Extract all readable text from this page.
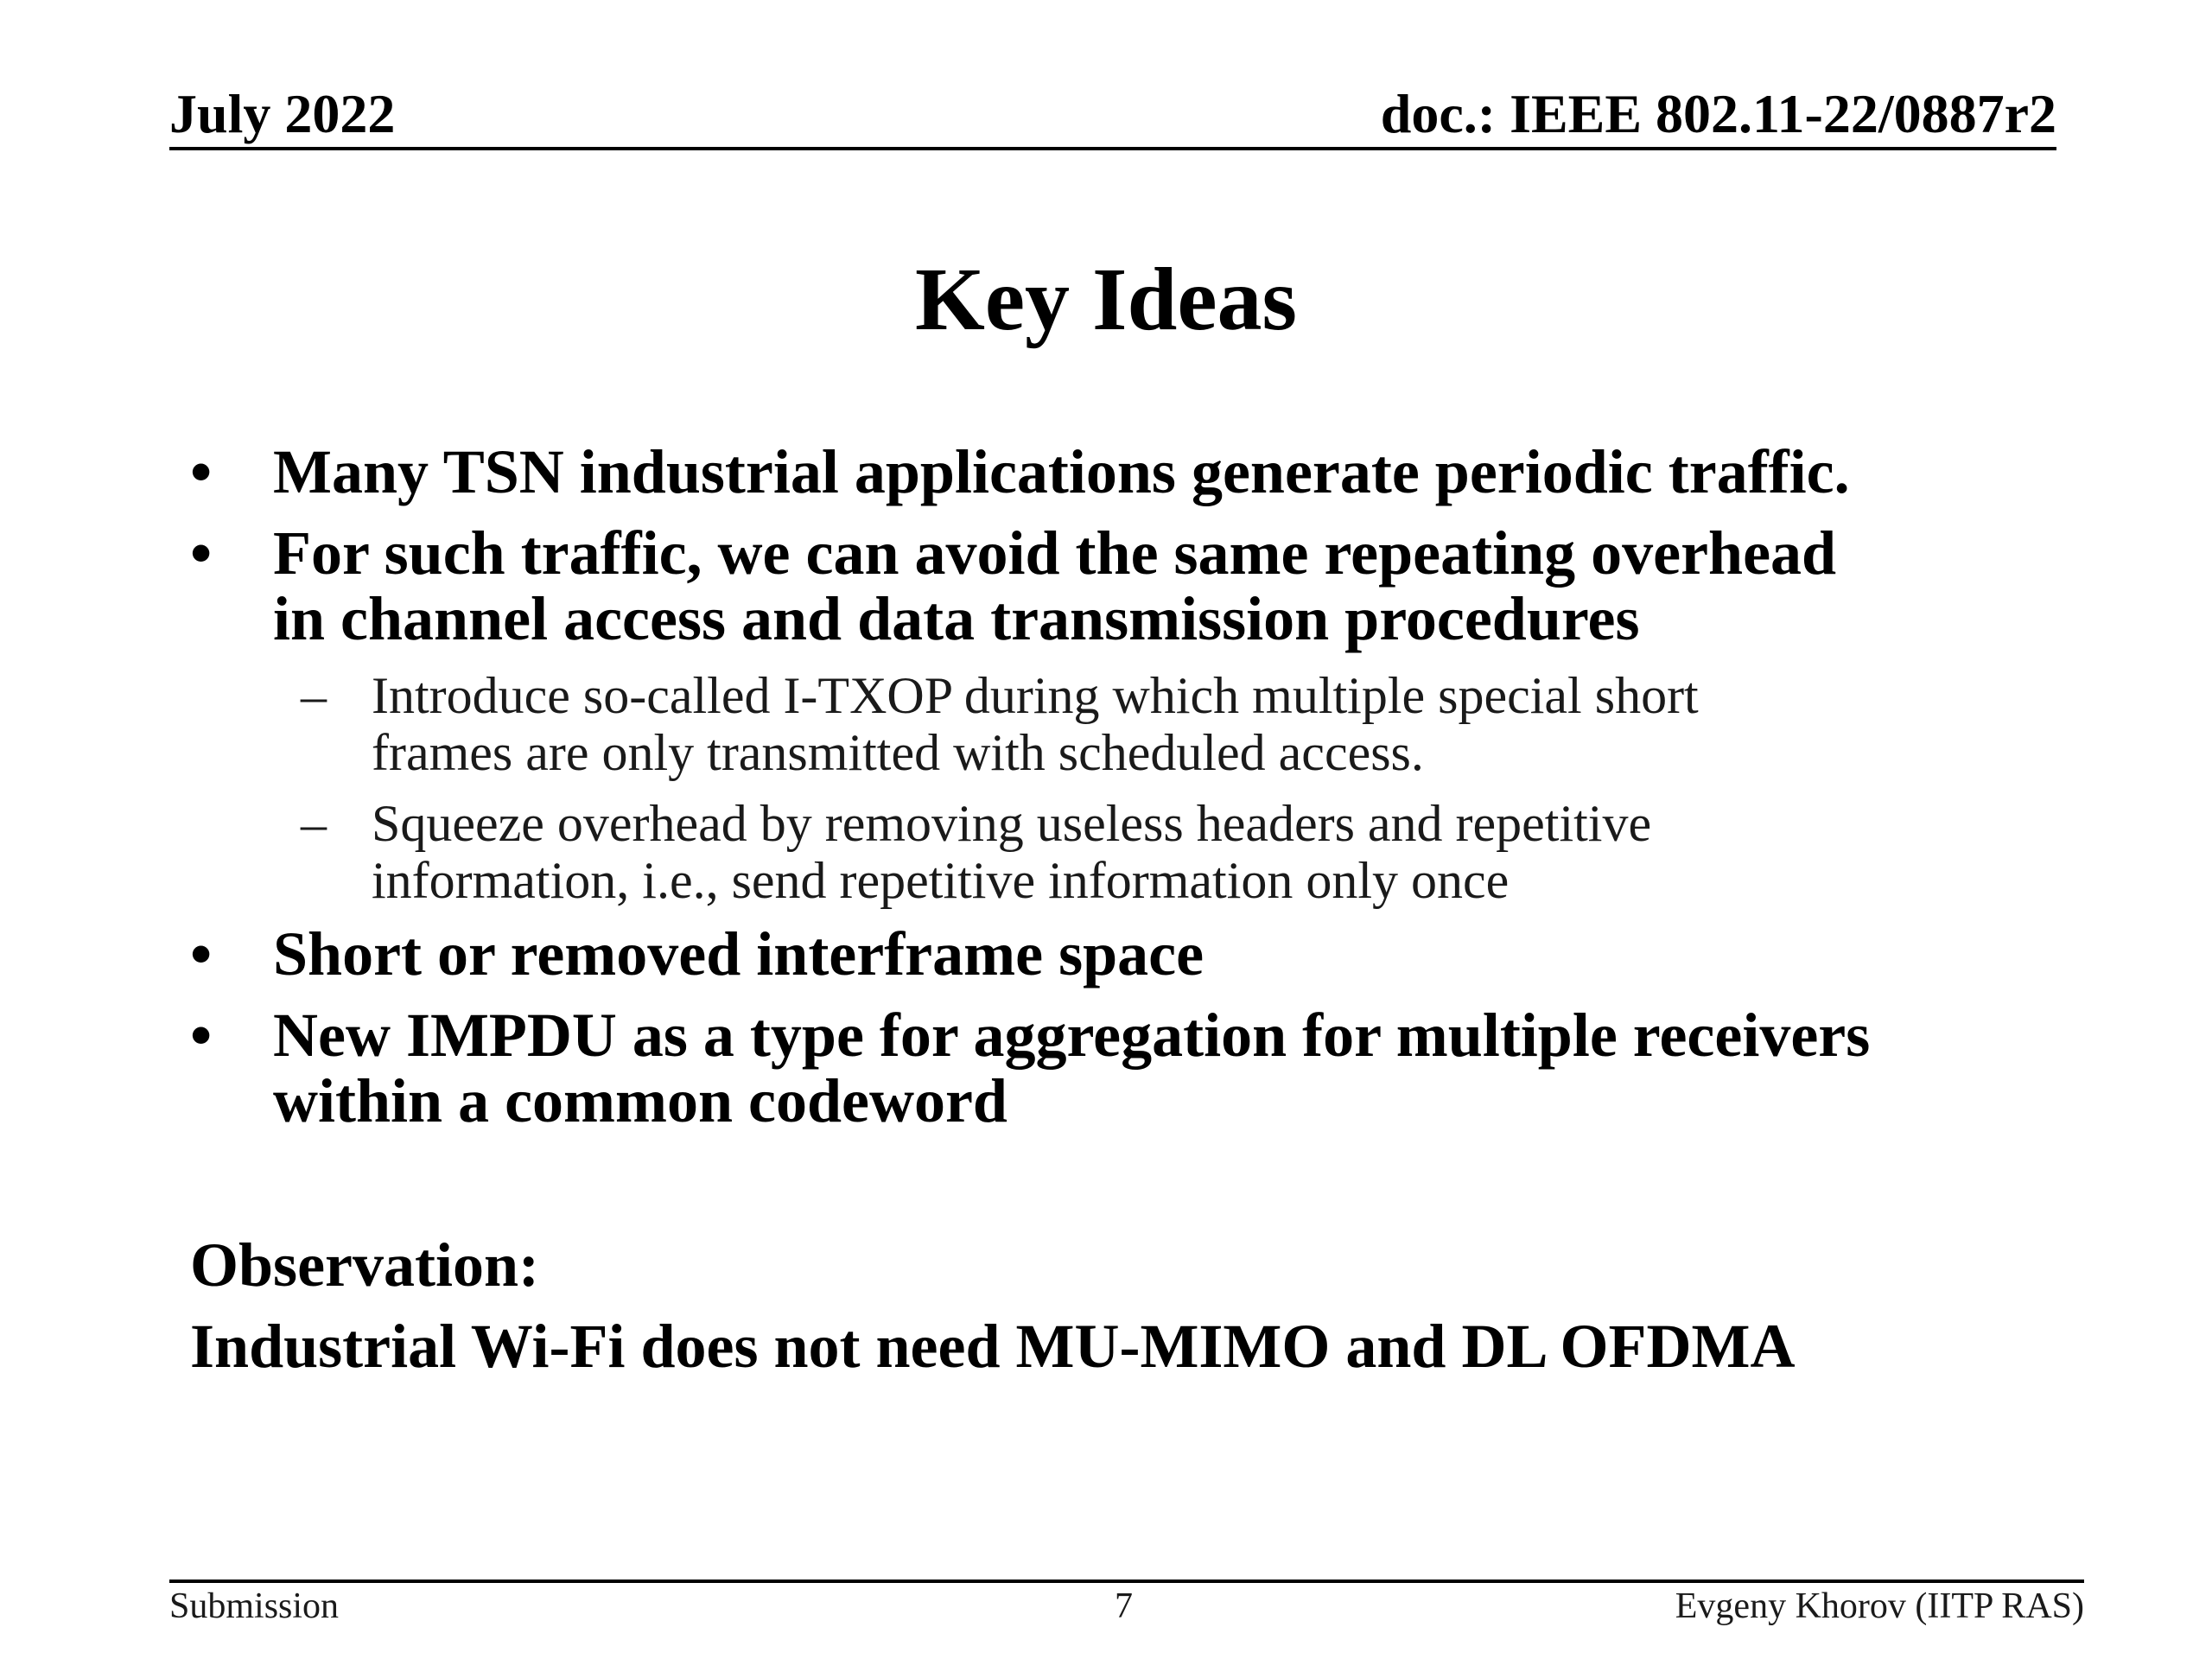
July 2022	doc.: IEEE 802.11-22/0887r2
Key Ideas
• Many TSN industrial applications generate periodic traffic.
• For such traffic, we can avoid the same repeating overhead
in channel access and data transmission procedures
– Introduce so-called I-TXOP during which multiple special short
frames are only transmitted with scheduled access.
– Squeeze overhead by removing useless headers and repetitive
information, i.e., send repetitive information only once
• Short or removed interframe space
• New IMPDU as a type for aggregation for multiple receivers
within a common codeword
Observation:
Industrial Wi-Fi does not need MU-MIMO and DL OFDMA
Submission	7	Evgeny Khorov (IITP RAS)
